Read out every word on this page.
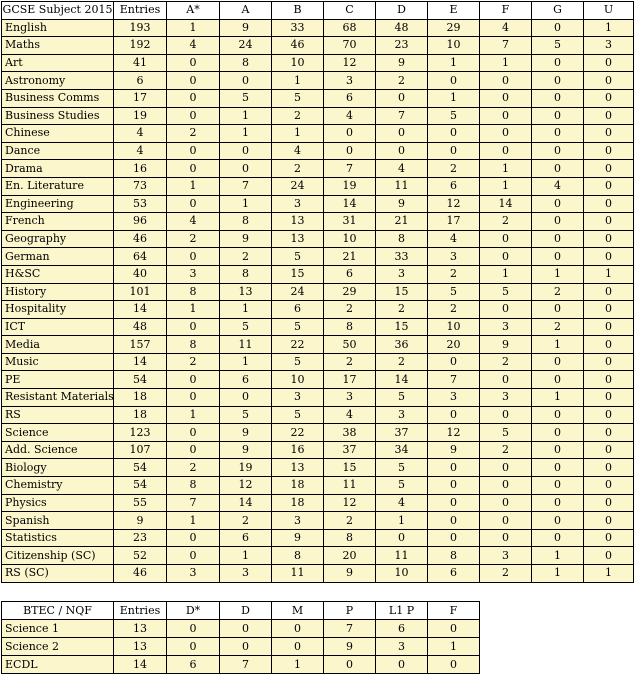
GCSE Subject 2015	Entries	A*	A	B	C	D	E	F	G	U
English	193	1	9	33	68	48	29	4	0	1
Maths	192	4	24	46	70	23	10	7	5	3
Art	41	0	8	10	12	9	1	1	0	0
Astronomy	6	0	0	1	3	2	0	0	0	0
Business Comms	17	0	5	5	6	0	1	0	0	0
Business Studies	19	0	1	2	4	7	5	0	0	0
Chinese	4	2	1	1	0	0	0	0	0	0
Dance	4	0	0	4	0	0	0	0	0	0
Drama	16	0	0	2	7	4	2	1	0	0
En. Literature	73	1	7	24	19	11	6	1	4	0
Engineering	53	0	1	3	14	9	12	14	0	0
French	96	4	8	13	31	21	17	2	0	0
Geography	46	2	9	13	10	8	4	0	0	0
German	64	0	2	5	21	33	3	0	0	0
H&SC	40	3	8	15	6	3	2	1	1	1
History	101	8	13	24	29	15	5	5	2	0
Hospitality	14	1	1	6	2	2	2	0	0	0
ICT	48	0	5	5	8	15	10	3	2	0
Media	157	8	11	22	50	36	20	9	1	0
Music	14	2	1	5	2	2	0	2	0	0
PE	54	0	6	10	17	14	7	0	0	0
Resistant Materials	18	0	0	3	3	5	3	3	1	0
RS	18	1	5	5	4	3	0	0	0	0
Science	123	0	9	22	38	37	12	5	0	0
Add. Science	107	0	9	16	37	34	9	2	0	0
Biology	54	2	19	13	15	5	0	0	0	0
Chemistry	54	8	12	18	11	5	0	0	0	0
Physics	55	7	14	18	12	4	0	0	0	0
Spanish	9	1	2	3	2	1	0	0	0	0
Statistics	23	0	6	9	8	0	0	0	0	0
Citizenship (SC)	52	0	1	8	20	11	8	3	1	0
RS (SC)	46	3	3	11	9	10	6	2	1	1
BTEC / NQF	Entries	D*	D	M	P	L1 P	F
Science 1	13	0	0	0	7	6	0
Science 2	13	0	0	0	9	3	1
ECDL	14	6	7	1	0	0	0
